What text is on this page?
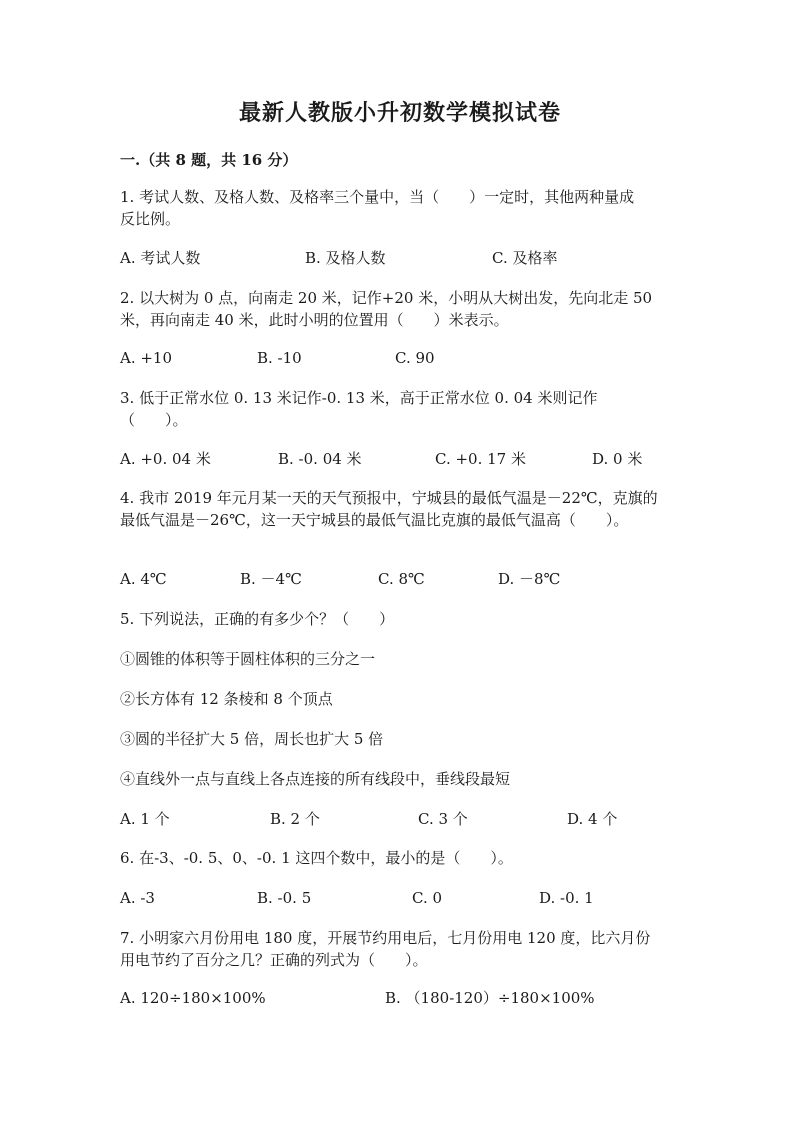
最新人教版小升初数学模拟试卷
一.（共 8 题，共 16 分）
1. 考试人数、及格人数、及格率三个量中，当（　　）一定时，其他两种量成
反比例。
A. 考试人数	B. 及格人数	C. 及格率
2. 以大树为 0 点，向南走 20 米，记作+20 米，小明从大树出发，先向北走 50
米，再向南走 40 米，此时小明的位置用（　　）米表示。
A. +10	B. -10	C. 90
3. 低于正常水位 0. 13 米记作-0. 13 米，高于正常水位 0. 04 米则记作
（　　）。
A. +0. 04 米	B. -0. 04 米	C. +0. 17 米	D. 0 米
4. 我市 2019 年元月某一天的天气预报中，宁城县的最低气温是－22℃，克旗的
最低气温是－26℃，这一天宁城县的最低气温比克旗的最低气温高（　　）。
A. 4℃	B. －4℃	C. 8℃	D. －8℃
5. 下列说法，正确的有多少个？（　　）
①圆锥的体积等于圆柱体积的三分之一
②长方体有 12 条棱和 8 个顶点
③圆的半径扩大 5 倍，周长也扩大 5 倍
④直线外一点与直线上各点连接的所有线段中，垂线段最短
A. 1 个	B. 2 个	C. 3 个	D. 4 个
6. 在-3、-0. 5、0、-0. 1 这四个数中，最小的是（　　）。
A. -3	B. -0. 5	C. 0	D. -0. 1
7. 小明家六月份用电 180 度，开展节约用电后，七月份用电 120 度，比六月份
用电节约了百分之几？正确的列式为（　　）。
A. 120÷180×100%	B. （180-120）÷180×100%
